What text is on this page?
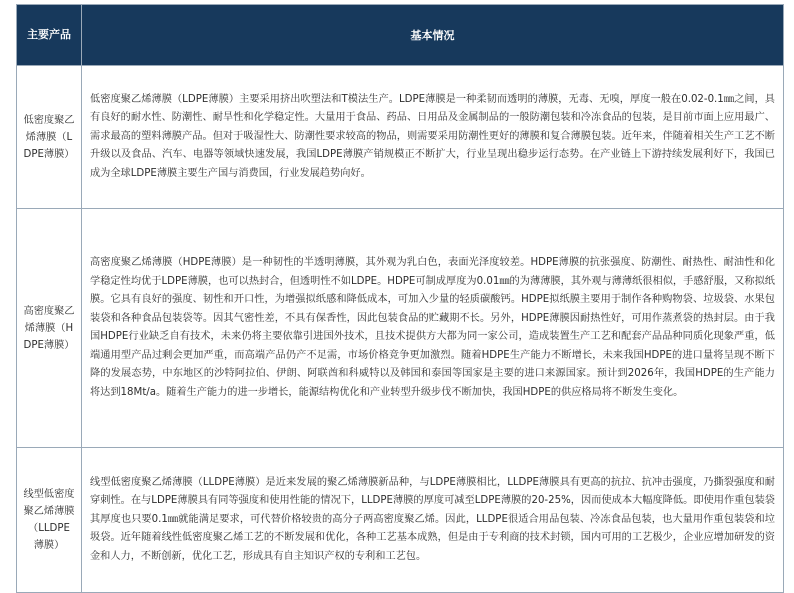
主要产品	基本情况
低密度聚乙烯薄膜（LDPE薄膜）	低密度聚乙烯薄膜（LDPE薄膜）主要采用挤出吹塑法和T模法生产。LDPE薄膜是一种柔韧而透明的薄膜，无毒、无嗅，厚度一般在0.02-0.1㎜之间，具有良好的耐水性、防潮性、耐旱性和化学稳定性。大量用于食品、药品、日用品及金属制品的一般防潮包装和冷冻食品的包装，是目前市面上应用最广、需求最高的塑料薄膜产品。但对于吸湿性大、防潮性要求较高的物品，则需要采用防潮性更好的薄膜和复合薄膜包装。近年来，伴随着相关生产工艺不断升级以及食品、汽车、电器等领域快速发展，我国LDPE薄膜产销规模正不断扩大，行业呈现出稳步运行态势。在产业链上下游持续发展利好下，我国已成为全球LDPE薄膜主要生产国与消费国，行业发展趋势向好。
高密度聚乙烯薄膜（HDPE薄膜）	高密度聚乙烯薄膜（HDPE薄膜）是一种韧性的半透明薄膜，其外观为乳白色，表面光泽度较差。HDPE薄膜的抗张强度、防潮性、耐热性、耐油性和化学稳定性均优于LDPE薄膜，也可以热封合，但透明性不如LDPE。HDPE可制成厚度为0.01㎜的为薄薄膜，其外观与薄薄纸很相似，手感舒服，又称拟纸膜。它具有良好的强度、韧性和开口性，为增强拟纸感和降低成本，可加入少量的轻质碳酸钙。HDPE拟纸膜主要用于制作各种购物袋、垃圾袋、水果包装袋和各种食品包装袋等。因其气密性差，不具有保香性，因此包装食品的贮藏期不长。另外，HDPE薄膜因耐热性好，可用作蒸煮袋的热封层。由于我国HDPE行业缺乏自有技术，未来仍将主要依靠引进国外技术，且技术提供方大都为同一家公司，造成装置生产工艺和配套产品品种同质化现象严重，低端通用型产品过剩会更加严重，而高端产品仍产不足需，市场价格竞争更加激烈。随着HDPE生产能力不断增长，未来我国HDPE的进口量将呈现不断下降的发展态势，中东地区的沙特阿拉伯、伊朗、阿联酋和科威特以及韩国和泰国等国家是主要的进口来源国家。预计到2026年，我国HDPE的生产能力将达到18Mt/a。随着生产能力的进一步增长，能源结构优化和产业转型升级步伐不断加快，我国HDPE的供应格局将不断发生变化。
线型低密度聚乙烯薄膜（LLDPE薄膜）	线型低密度聚乙烯薄膜（LLDPE薄膜）是近来发展的聚乙烯薄膜新品种，与LDPE薄膜相比，LLDPE薄膜具有更高的抗拉、抗冲击强度，乃撕裂强度和耐穿刺性。在与LDPE薄膜具有同等强度和使用性能的情况下，LLDPE薄膜的厚度可减至LDPE薄膜的20-25%，因而使成本大幅度降低。即使用作重包装袋其厚度也只要0.1㎜就能满足要求，可代替价格较贵的高分子两高密度聚乙烯。因此，LLDPE很适合用品包装、冷冻食品包装，也大量用作重包装袋和垃圾袋。近年随着线性低密度聚乙烯工艺的不断发展和优化，各种工艺基本成熟，但是由于专利商的技术封锁，国内可用的工艺极少，企业应增加研发的资金和人力，不断创新，优化工艺，形成具有自主知识产权的专利和工艺包。
